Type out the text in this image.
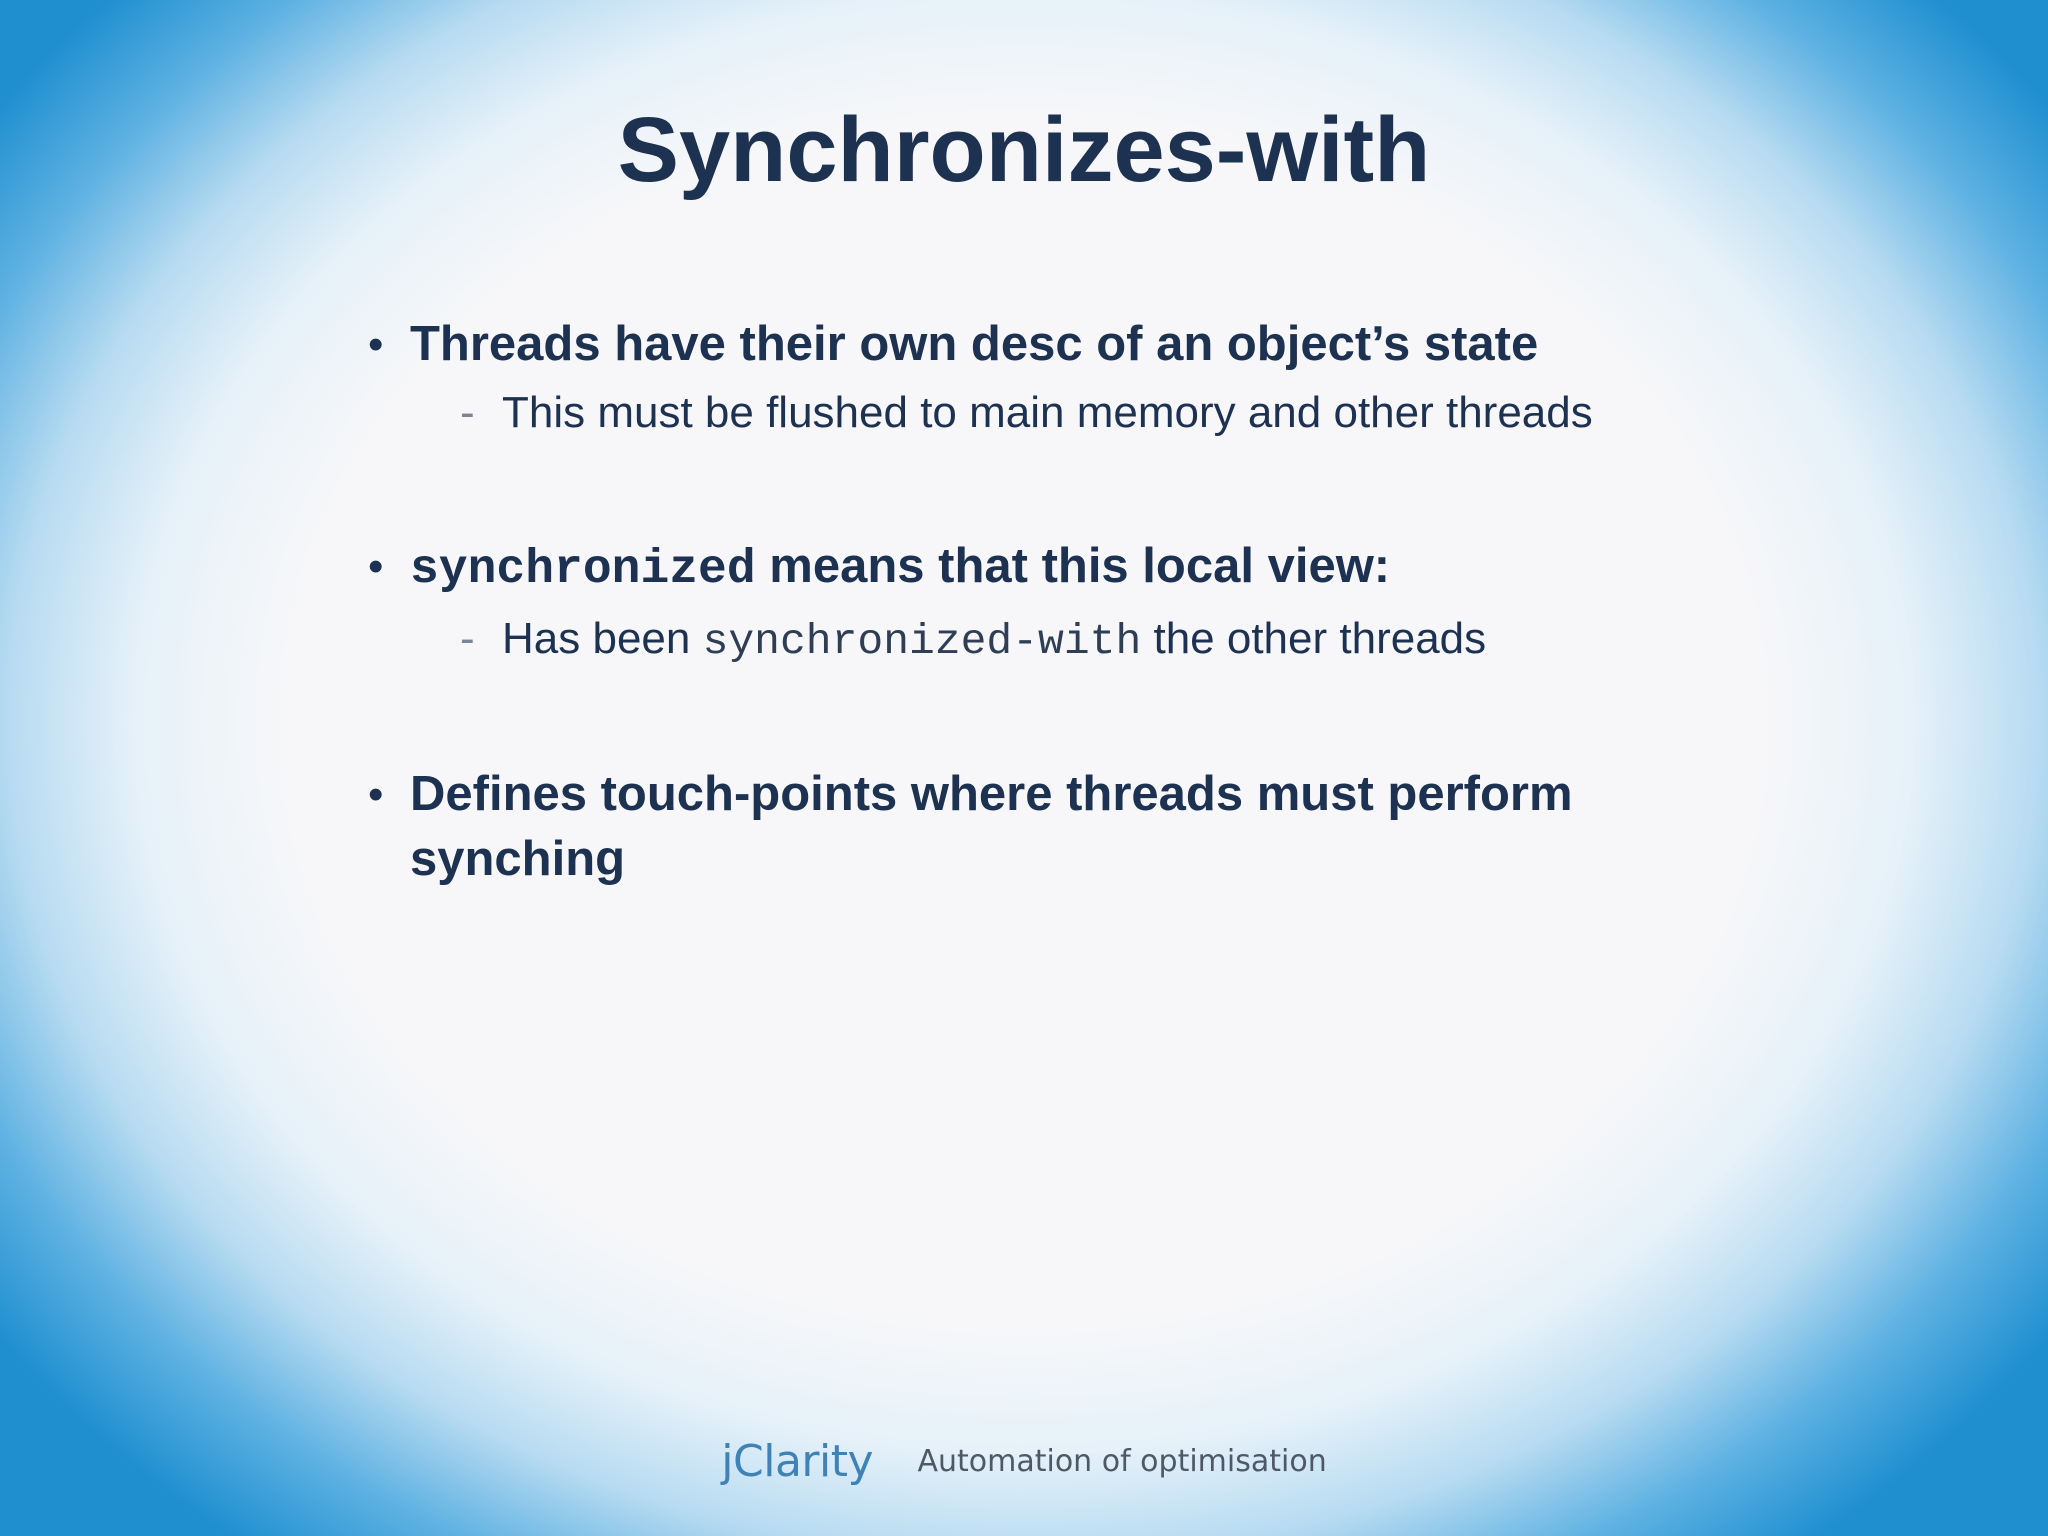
Synchronizes-with
• Threads have their own desc of an object’s state
- This must be flushed to main memory and other threads
• synchronized means that this local view:
- Has been synchronized-with the other threads
• Defines touch-points where threads must perform synching
jClarity Automation of optimisation
